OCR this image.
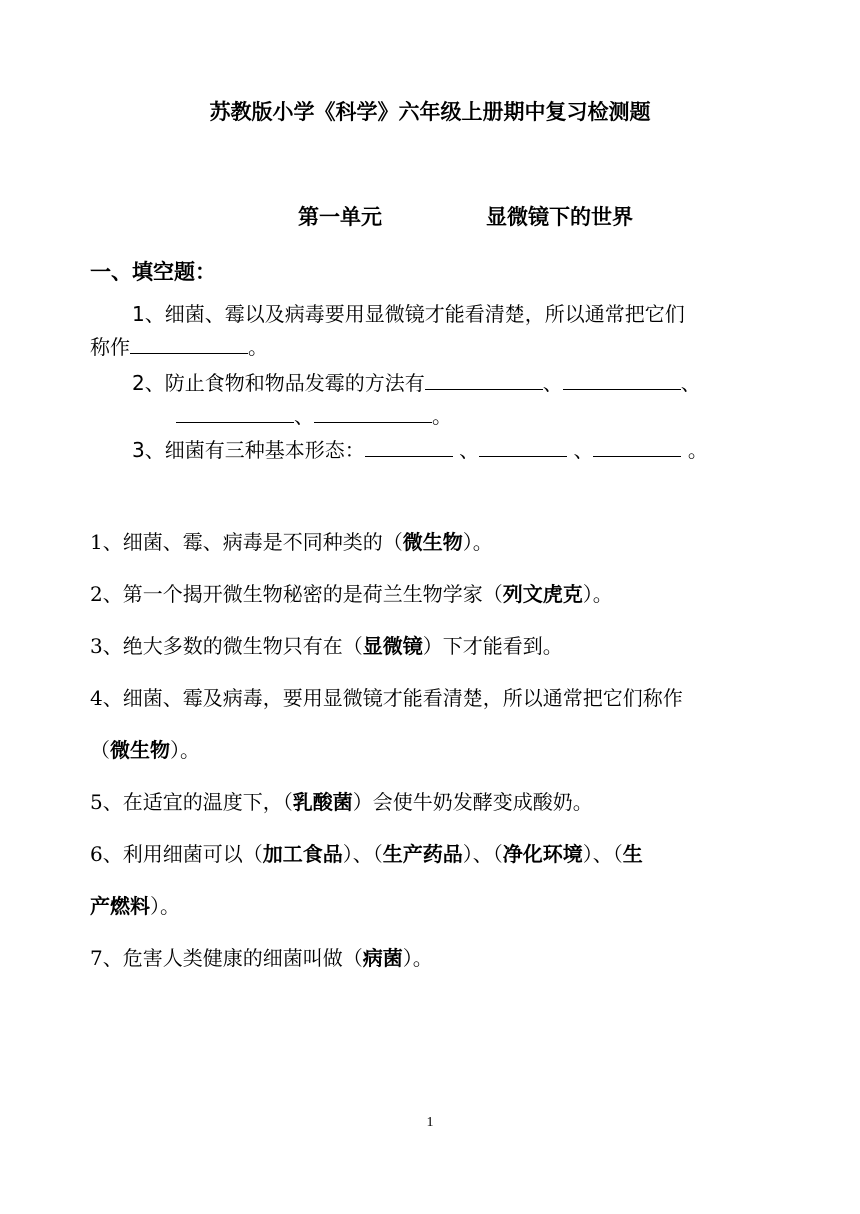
苏教版小学《科学》六年级上册期中复习检测题
第一单元	显微镜下的世界
一、填空题：
1、细菌、霉以及病毒要用显微镜才能看清楚，所以通常把它们
称作	。
2、防止食物和物品发霉的方法有	、	、
、	。
3、细菌有三种基本形态：	、	、	。
1、细菌、霉、病毒是不同种类的（微生物）。
2、第一个揭开微生物秘密的是荷兰生物学家（列文虎克）。
3、绝大多数的微生物只有在（显微镜）下才能看到。
4、细菌、霉及病毒，要用显微镜才能看清楚，所以通常把它们称作
（微生物）。
5、在适宜的温度下，（乳酸菌）会使牛奶发酵变成酸奶。
6、利用细菌可以（加工食品）、（生产药品）、（净化环境）、（生
产燃料）。
7、危害人类健康的细菌叫做（病菌）。
1
